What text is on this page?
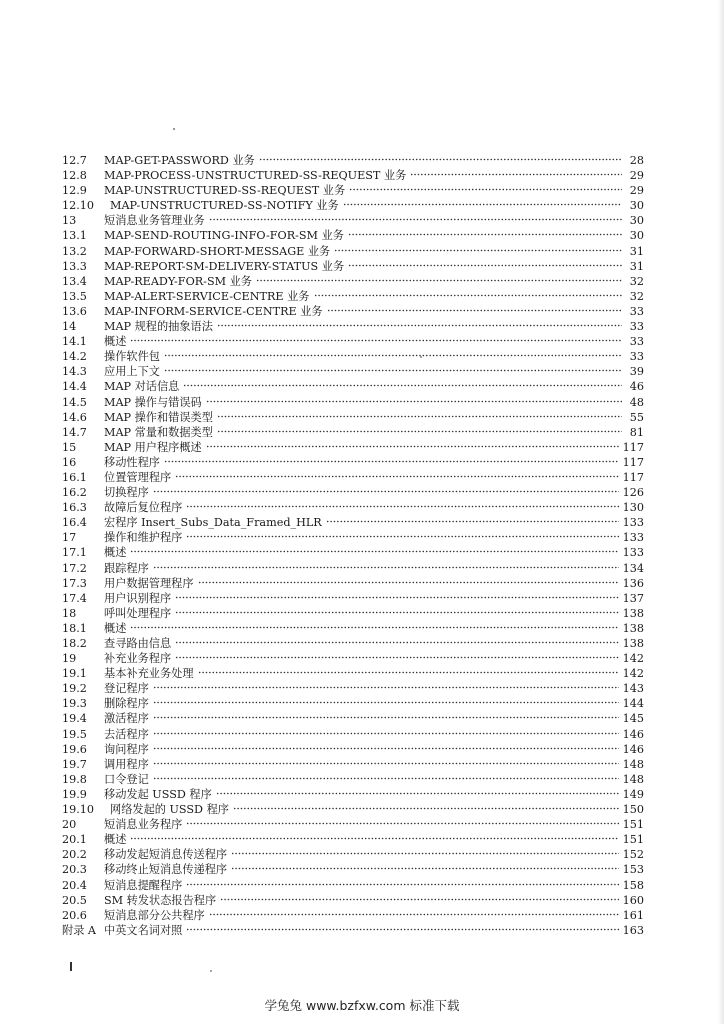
12.7	MAP-GET-PASSWORD 业务	28
12.8	MAP-PROCESS-UNSTRUCTURED-SS-REQUEST 业务	29
12.9	MAP-UNSTRUCTURED-SS-REQUEST 业务	29
12.10	MAP-UNSTRUCTURED-SS-NOTIFY 业务	30
13	短消息业务管理业务	30
13.1	MAP-SEND-ROUTING-INFO-FOR-SM 业务	30
13.2	MAP-FORWARD-SHORT-MESSAGE 业务	31
13.3	MAP-REPORT-SM-DELIVERY-STATUS 业务	31
13.4	MAP-READY-FOR-SM 业务	32
13.5	MAP-ALERT-SERVICE-CENTRE 业务	32
13.6	MAP-INFORM-SERVICE-CENTRE 业务	33
14	MAP 规程的抽象语法	33
14.1	概述	33
14.2	操作软件包	33
14.3	应用上下文	39
14.4	MAP 对话信息	46
14.5	MAP 操作与错误码	48
14.6	MAP 操作和错误类型	55
14.7	MAP 常量和数据类型	81
15	MAP 用户程序概述	117
16	移动性程序	117
16.1	位置管理程序	117
16.2	切换程序	126
16.3	故障后复位程序	130
16.4	宏程序 Insert_Subs_Data_Framed_HLR	133
17	操作和维护程序	133
17.1	概述	133
17.2	跟踪程序	134
17.3	用户数据管理程序	136
17.4	用户识别程序	137
18	呼叫处理程序	138
18.1	概述	138
18.2	查寻路由信息	138
19	补充业务程序	142
19.1	基本补充业务处理	142
19.2	登记程序	143
19.3	删除程序	144
19.4	激活程序	145
19.5	去活程序	146
19.6	询问程序	146
19.7	调用程序	148
19.8	口令登记	148
19.9	移动发起 USSD 程序	149
19.10	网络发起的 USSD 程序	150
20	短消息业务程序	151
20.1	概述	151
20.2	移动发起短消息传送程序	152
20.3	移动终止短消息传递程序	153
20.4	短消息提醒程序	158
20.5	SM 转发状态报告程序	160
20.6	短消息部分公共程序	161
附录 A 中英文名词对照	163
学兔兔 www.bzfxw.com 标准下载
